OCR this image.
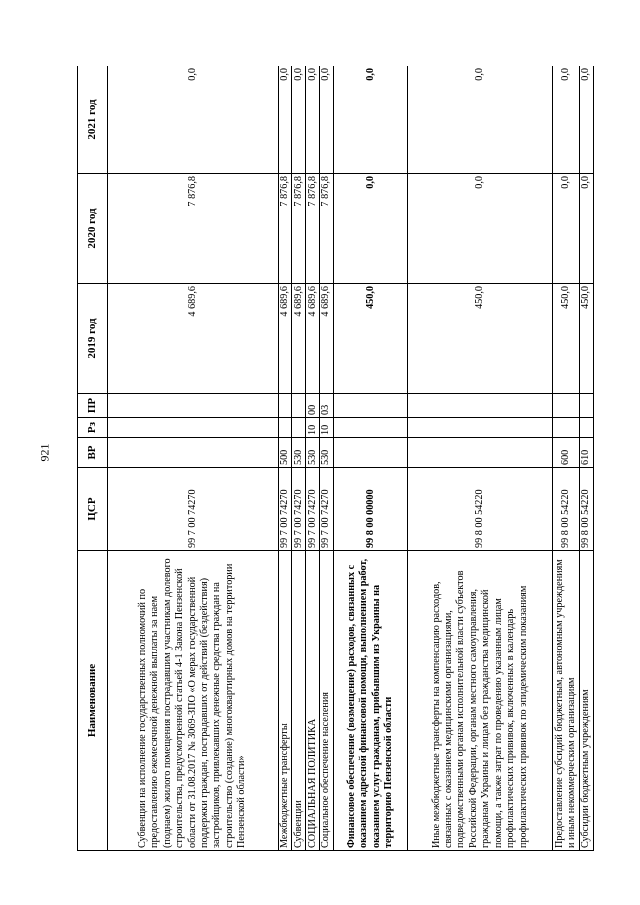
921
Наименование	ЦСР	ВР	Рз	ПР	2019 год	2020 год	2021 год
Субвенции на исполнение государственных полномочий по предоставлению ежемесячной денежной выплаты за наем (поднаем) жилого помещения пострадавшим участникам долевого строительства, предусмотренной статьей 4-1 Закона Пензенской области от 31.08.2017 № 3069-ЗПО «О мерах государственной поддержки граждан, пострадавших от действий (бездействия) застройщиков, привлекавших денежные средства граждан на строительство (создание) многоквартирных домов на территории Пензенской области»	99 7 00 74270				4 689,6	7 876,8	0,0
Межбюджетные трансферты	99 7 00 74270	500			4 689,6	7 876,8	0,0
Субвенции	99 7 00 74270	530			4 689,6	7 876,8	0,0
СОЦИАЛЬНАЯ ПОЛИТИКА	99 7 00 74270	530	10	00	4 689,6	7 876,8	0,0
Социальное обеспечение населения	99 7 00 74270	530	10	03	4 689,6	7 876,8	0,0
Финансовое обеспечение (возмещение) расходов, связанных с оказанием адресной финансовой помощи, выполнением работ, оказанием услуг гражданам, прибывшим из Украины на территорию Пензенской области	99 8 00 00000				450,0	0,0	0,0
Иные межбюджетные трансферты на компенсацию расходов, связанных с оказанием медицинскими организациями, подведомственными органам исполнительной власти субъектов Российской Федерации, органам местного самоуправления, гражданам Украины и лицам без гражданства медицинской помощи, а также затрат по проведению указанным лицам профилактических прививок, включенных в календарь профилактических прививок по эпидемическим показаниям	99 8 00 54220				450,0	0,0	0,0
Предоставление субсидий бюджетным, автономным учреждениям и иным некоммерческим организациям	99 8 00 54220	600			450,0	0,0	0,0
Субсидии бюджетным учреждениям	99 8 00 54220	610			450,0	0,0	0,0
